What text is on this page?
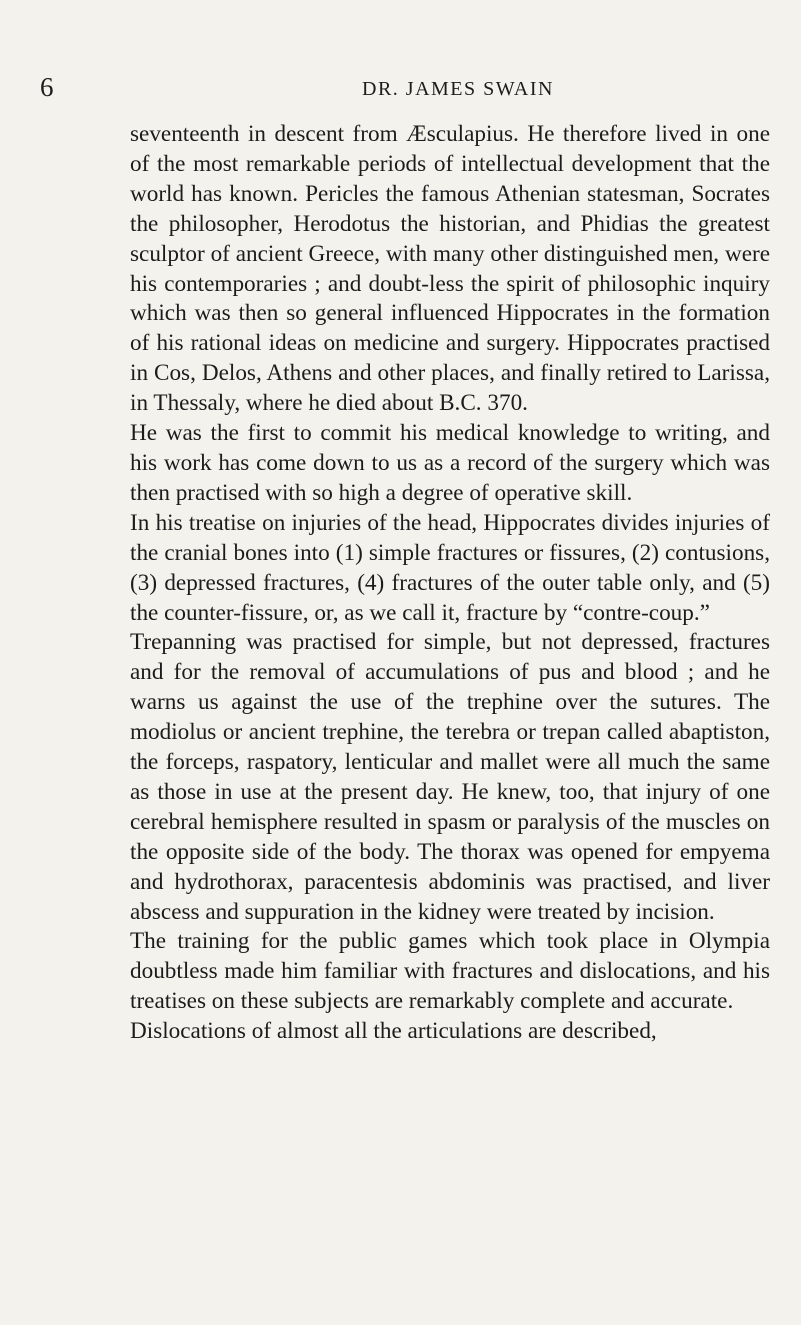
6	DR. JAMES SWAIN

seventeenth in descent from Æsculapius. He therefore lived in one of the most remarkable periods of intellectual development that the world has known. Pericles the famous Athenian statesman, Socrates the philosopher, Herodotus the historian, and Phidias the greatest sculptor of ancient Greece, with many other distinguished men, were his contemporaries ; and doubt-less the spirit of philosophic inquiry which was then so general influenced Hippocrates in the formation of his rational ideas on medicine and surgery. Hippocrates practised in Cos, Delos, Athens and other places, and finally retired to Larissa, in Thessaly, where he died about B.C. 370.

He was the first to commit his medical knowledge to writing, and his work has come down to us as a record of the surgery which was then practised with so high a degree of operative skill.

In his treatise on injuries of the head, Hippocrates divides injuries of the cranial bones into (1) simple fractures or fissures, (2) contusions, (3) depressed fractures, (4) fractures of the outer table only, and (5) the counter-fissure, or, as we call it, fracture by “contre-coup.”

Trepanning was practised for simple, but not depressed, fractures and for the removal of accumulations of pus and blood ; and he warns us against the use of the trephine over the sutures. The modiolus or ancient trephine, the terebra or trepan called abaptiston, the forceps, raspatory, lenticular and mallet were all much the same as those in use at the present day. He knew, too, that injury of one cerebral hemisphere resulted in spasm or paralysis of the muscles on the opposite side of the body. The thorax was opened for empyema and hydrothorax, paracentesis abdominis was practised, and liver abscess and suppuration in the kidney were treated by incision.

The training for the public games which took place in Olympia doubtless made him familiar with fractures and dislocations, and his treatises on these subjects are remarkably complete and accurate.

Dislocations of almost all the articulations are described,
